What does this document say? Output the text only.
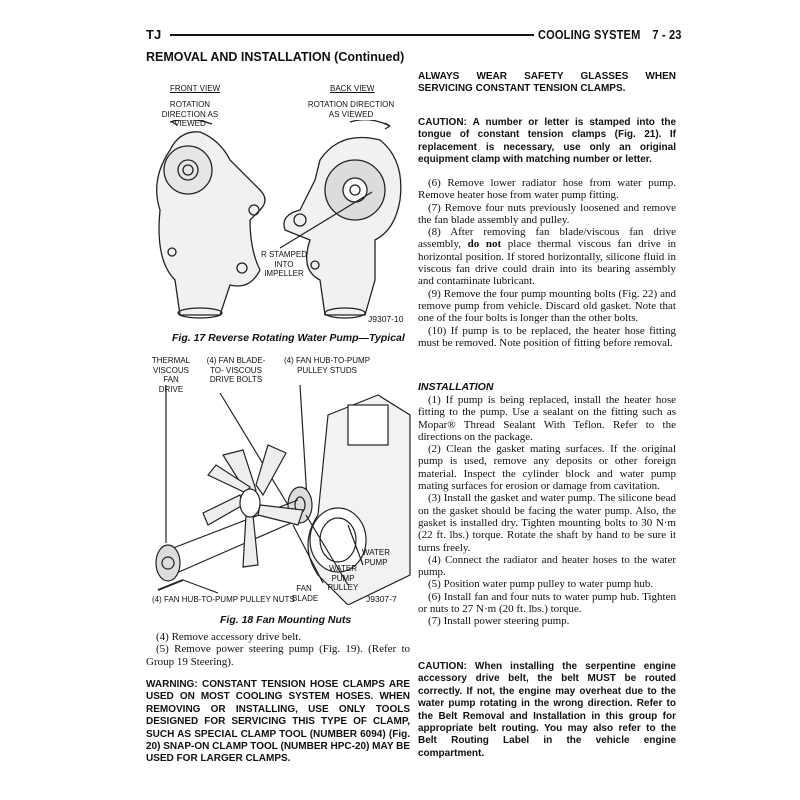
TJ	COOLING SYSTEM 7 - 23
REMOVAL AND INSTALLATION (Continued)
FRONT VIEW
ROTATION DIRECTION AS VIEWED
BACK VIEW
ROTATION DIRECTION AS VIEWED
R STAMPED INTO IMPELLER
J9307-10
Fig. 17 Reverse Rotating Water Pump—Typical
THERMAL VISCOUS FAN DRIVE
(4) FAN BLADE-TO- VISCOUS DRIVE BOLTS
(4) FAN HUB-TO-PUMP PULLEY STUDS
WATER PUMP
WATER PUMP PULLEY
FAN BLADE
(4) FAN HUB-TO-PUMP PULLEY NUTS	J9307-7
Fig. 18 Fan Mounting Nuts

(4) Remove accessory drive belt.

(5) Remove power steering pump (Fig. 19). (Refer to Group 19 Steering).

WARNING: CONSTANT TENSION HOSE CLAMPS ARE USED ON MOST COOLING SYSTEM HOSES. WHEN REMOVING OR INSTALLING, USE ONLY TOOLS DESIGNED FOR SERVICING THIS TYPE OF CLAMP, SUCH AS SPECIAL CLAMP TOOL (NUMBER 6094) (Fig. 20) SNAP-ON CLAMP TOOL (NUMBER HPC-20) MAY BE USED FOR LARGER CLAMPS.
ALWAYS WEAR SAFETY GLASSES WHEN SERVICING CONSTANT TENSION CLAMPS.
CAUTION: A number or letter is stamped into the tongue of constant tension clamps (Fig. 21). If replacement is necessary, use only an original equipment clamp with matching number or letter.

(6) Remove lower radiator hose from water pump. Remove heater hose from water pump fitting.

(7) Remove four nuts previously loosened and remove the fan blade assembly and pulley.

(8) After removing fan blade/viscous fan drive assembly, do not place thermal viscous fan drive in horizontal position. If stored horizontally, silicone fluid in viscous fan drive could drain into its bearing assembly and contaminate lubricant.

(9) Remove the four pump mounting bolts (Fig. 22) and remove pump from vehicle. Discard old gasket. Note that one of the four bolts is longer than the other bolts.

(10) If pump is to be replaced, the heater hose fitting must be removed. Note position of fitting before removal.

INSTALLATION

(1) If pump is being replaced, install the heater hose fitting to the pump. Use a sealant on the fitting such as Mopar® Thread Sealant With Teflon. Refer to the directions on the package.

(2) Clean the gasket mating surfaces. If the original pump is used, remove any deposits or other foreign material. Inspect the cylinder block and water pump mating surfaces for erosion or damage from cavitation.

(3) Install the gasket and water pump. The silicone bead on the gasket should be facing the water pump. Also, the gasket is installed dry. Tighten mounting bolts to 30 N·m (22 ft. lbs.) torque. Rotate the shaft by hand to be sure it turns freely.

(4) Connect the radiator and heater hoses to the water pump.

(5) Position water pump pulley to water pump hub.

(6) Install fan and four nuts to water pump hub. Tighten or nuts to 27 N·m (20 ft. lbs.) torque.

(7) Install power steering pump.

CAUTION: When installing the serpentine engine accessory drive belt, the belt MUST be routed correctly. If not, the engine may overheat due to the water pump rotating in the wrong direction. Refer to the Belt Removal and Installation in this group for appropriate belt routing. You may also refer to the Belt Routing Label in the vehicle engine compartment.
